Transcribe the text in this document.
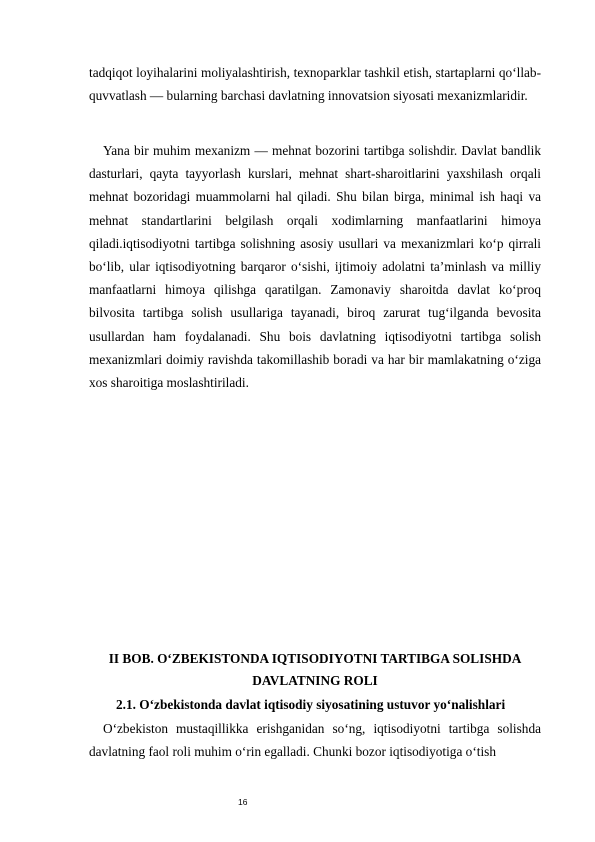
tadqiqot loyihalarini moliyalashtirish, texnoparklar tashkil etish, startaplarni qo‘llab-quvvatlash — bularning barchasi davlatning innovatsion siyosati mexanizmlaridir.

Yana bir muhim mexanizm — mehnat bozorini tartibga solishdir. Davlat bandlik dasturlari, qayta tayyorlash kurslari, mehnat shart-sharoitlarini yaxshilash orqali mehnat bozoridagi muammolarni hal qiladi. Shu bilan birga, minimal ish haqi va mehnat standartlarini belgilash orqali xodimlarning manfaatlarini himoya qiladi.iqtisodiyotni tartibga solishning asosiy usullari va mexanizmlari ko‘p qirrali bo‘lib, ular iqtisodiyotning barqaror o‘sishi, ijtimoiy adolatni ta’minlash va milliy manfaatlarni himoya qilishga qaratilgan. Zamonaviy sharoitda davlat ko‘proq bilvosita tartibga solish usullariga tayanadi, biroq zarurat tug‘ilganda bevosita usullardan ham foydalanadi. Shu bois davlatning iqtisodiyotni tartibga solish mexanizmlari doimiy ravishda takomillashib boradi va har bir mamlakatning o‘ziga xos sharoitiga moslashtiriladi.

II BOB. O‘ZBEKISTONDA IQTISODIYOTNI TARTIBGA SOLISHDA DAVLATNING ROLI
2.1. O‘zbekistonda davlat iqtisodiy siyosatining ustuvor yo‘nalishlari

O‘zbekiston mustaqillikka erishganidan so‘ng, iqtisodiyotni tartibga solishda davlatning faol roli muhim o‘rin egalladi. Chunki bozor iqtisodiyotiga o‘tish

16
